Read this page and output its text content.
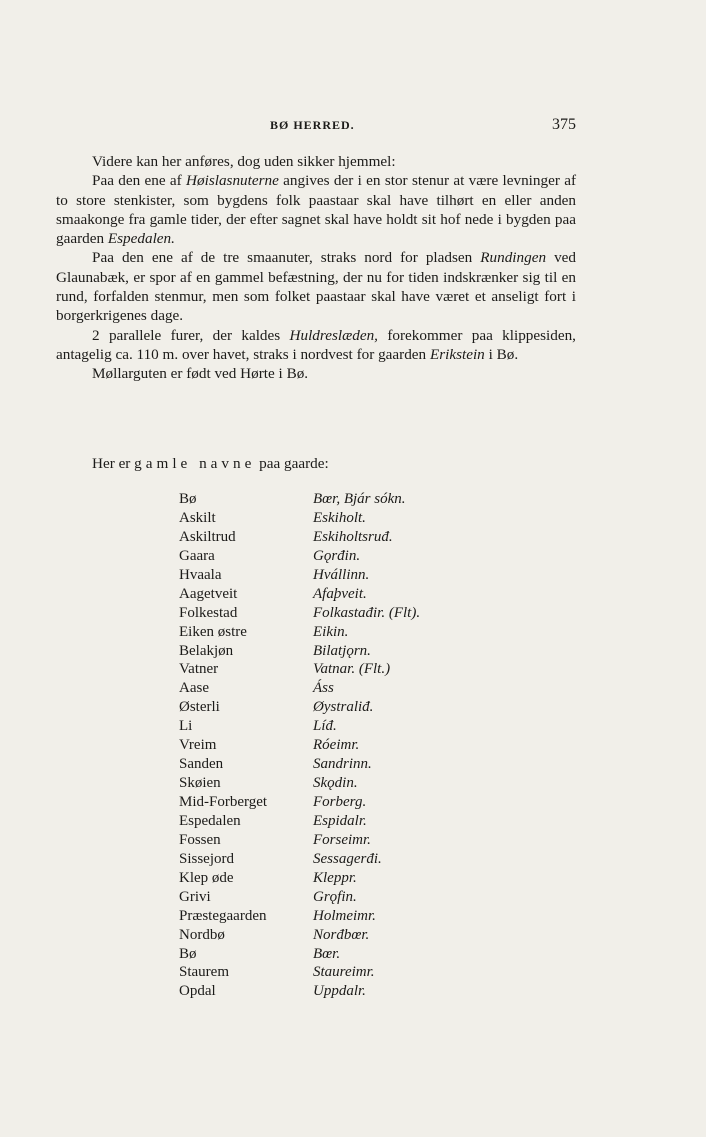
BØ HERRED.	375

Videre kan her anføres, dog uden sikker hjemmel:

Paa den ene af Høislasnuterne angives der i en stor stenur at være levninger af to store stenkister, som bygdens folk paastaar skal have tilhørt en eller anden smaakonge fra gamle tider, der efter sagnet skal have holdt sit hof nede i bygden paa gaarden Espedalen.

Paa den ene af de tre smaanuter, straks nord for pladsen Rundingen ved Glaunabæk, er spor af en gammel befæstning, der nu for tiden indskrænker sig til en rund, forfalden stenmur, men som folket paastaar skal have været et anseligt fort i borgerkrigenes dage.

2 parallele furer, der kaldes Huldreslæden, forekommer paa klippesiden, antagelig ca. 110 m. over havet, straks i nordvest for gaarden Erikstein i Bø.

Møllarguten er født ved Hørte i Bø.

Her er gamle navne paa gaarde:
Bø	Bœr, Bjár sókn.
Askilt	Eskiholt.
Askiltrud	Eskiholtsruđ.
Gaara	Gǫrđin.
Hvaala	Hvállinn.
Aagetveit	Afaþveit.
Folkestad	Folkastađir. (Flt).
Eiken østre	Eikin.
Belakjøn	Bilatjǫrn.
Vatner	Vatnar. (Flt.)
Aase	Áss
Østerli	Øystraliđ.
Li	Líđ.
Vreim	Róeimr.
Sanden	Sandrinn.
Skøien	Skǫdin.
Mid-Forberget	Forberg.
Espedalen	Espidalr.
Fossen	Forseimr.
Sissejord	Sessagerđi.
Klep øde	Kleppr.
Grivi	Grǫfin.
Præstegaarden	Holmeimr.
Nordbø	Norđbœr.
Bø	Bœr.
Staurem	Staureimr.
Opdal	Uppdalr.
